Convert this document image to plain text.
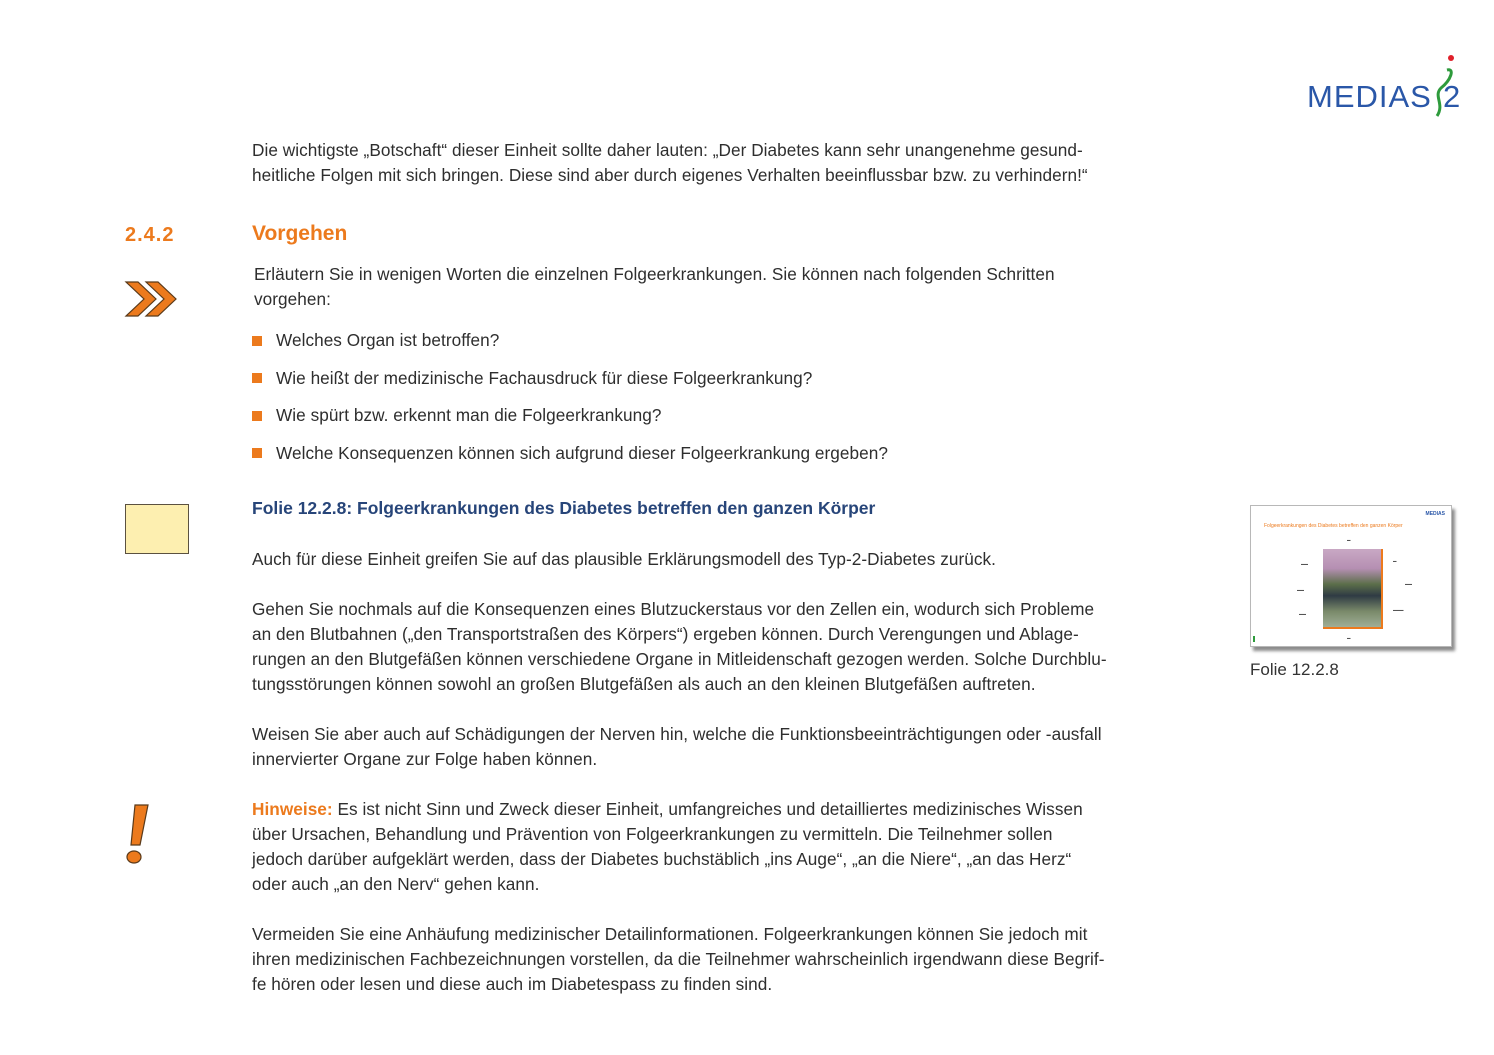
MEDIAS 2
Die wichtigste „Botschaft“ dieser Einheit sollte daher lauten: „Der Diabetes kann sehr unangenehme gesund-
heitliche Folgen mit sich bringen. Diese sind aber durch eigenes Verhalten beeinflussbar bzw. zu verhindern!“
2.4.2	Vorgehen
Erläutern Sie in wenigen Worten die einzelnen Folgeerkrankungen. Sie können nach folgenden Schritten
vorgehen:
Welches Organ ist betroffen?
Wie heißt der medizinische Fachausdruck für diese Folgeerkrankung?
Wie spürt bzw. erkennt man die Folgeerkrankung?
Welche Konsequenzen können sich aufgrund dieser Folgeerkrankung ergeben?
Folie 12.2.8: Folgeerkrankungen des Diabetes betreffen den ganzen Körper
Auch für diese Einheit greifen Sie auf das plausible Erklärungsmodell des Typ-2-Diabetes zurück.
Gehen Sie nochmals auf die Konsequenzen eines Blutzuckerstaus vor den Zellen ein, wodurch sich Probleme
an den Blutbahnen („den Transportstraßen des Körpers“) ergeben können. Durch Verengungen und Ablage-
rungen an den Blutgefäßen können verschiedene Organe in Mitleidenschaft gezogen werden. Solche Durchblu-
tungsstörungen können sowohl an großen Blutgefäßen als auch an den kleinen Blutgefäßen auftreten.
Weisen Sie aber auch auf Schädigungen der Nerven hin, welche die Funktionsbeeinträchtigungen oder -ausfall
innervierter Organe zur Folge haben können.
MEDIAS
Folgeerkrankungen des Diabetes betreffen den ganzen Körper
▬
▬▬
▬▬
▬▬
▬
▬▬
▬▬▬
▬
Folie 12.2.8
Hinweise: Es ist nicht Sinn und Zweck dieser Einheit, umfangreiches und detailliertes medizinisches Wissen
über Ursachen, Behandlung und Prävention von Folgeerkrankungen zu vermitteln. Die Teilnehmer sollen
jedoch darüber aufgeklärt werden, dass der Diabetes buchstäblich „ins Auge“, „an die Niere“, „an das Herz“
oder auch „an den Nerv“ gehen kann.
Vermeiden Sie eine Anhäufung medizinischer Detailinformationen. Folgeerkrankungen können Sie jedoch mit
ihren medizinischen Fachbezeichnungen vorstellen, da die Teilnehmer wahrscheinlich irgendwann diese Begrif-
fe hören oder lesen und diese auch im Diabetespass zu finden sind.
